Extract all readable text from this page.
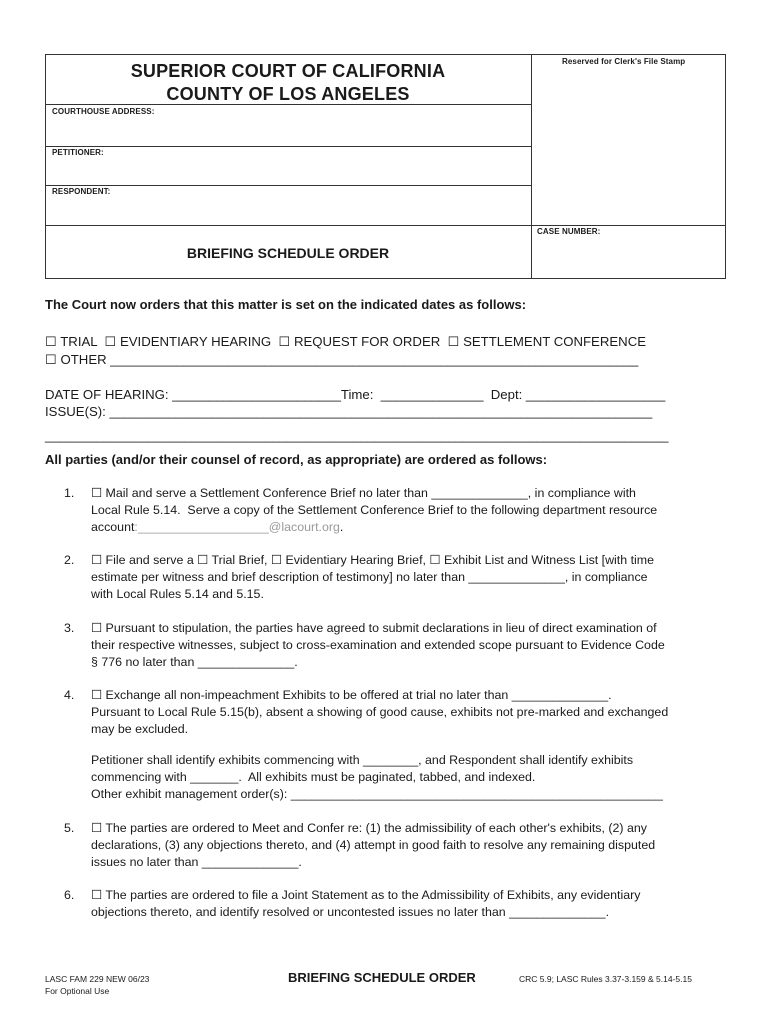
SUPERIOR COURT OF CALIFORNIA
COUNTY OF LOS ANGELES
Reserved for Clerk's File Stamp
COURTHOUSE ADDRESS:
PETITIONER:
RESPONDENT:
CASE NUMBER:
BRIEFING SCHEDULE ORDER
The Court now orders that this matter is set on the indicated dates as follows:
☐ TRIAL  ☐ EVIDENTIARY HEARING  ☐ REQUEST FOR ORDER  ☐ SETTLEMENT CONFERENCE
☐ OTHER ________________________________________________________________________
DATE OF HEARING: _______________________Time:  ______________  Dept: ___________________
ISSUE(S): __________________________________________________________________________
_____________________________________________________________________________________
All parties (and/or their counsel of record, as appropriate) are ordered as follows:
1.	☐ Mail and serve a Settlement Conference Brief no later than ______________, in compliance with
Local Rule 5.14.  Serve a copy of the Settlement Conference Brief to the following department resource
account:___________________@lacourt.org.
2.	☐ File and serve a ☐ Trial Brief, ☐ Evidentiary Hearing Brief, ☐ Exhibit List and Witness List [with time
estimate per witness and brief description of testimony] no later than ______________, in compliance
with Local Rules 5.14 and 5.15.
3.	☐ Pursuant to stipulation, the parties have agreed to submit declarations in lieu of direct examination of
their respective witnesses, subject to cross-examination and extended scope pursuant to Evidence Code
§ 776 no later than ______________.
4.	☐ Exchange all non-impeachment Exhibits to be offered at trial no later than ______________.
Pursuant to Local Rule 5.15(b), absent a showing of good cause, exhibits not pre-marked and exchanged
may be excluded.
Petitioner shall identify exhibits commencing with ________, and Respondent shall identify exhibits
commencing with _______.  All exhibits must be paginated, tabbed, and indexed.
Other exhibit management order(s): ______________________________________________________
5.	☐ The parties are ordered to Meet and Confer re: (1) the admissibility of each other's exhibits, (2) any
declarations, (3) any objections thereto, and (4) attempt in good faith to resolve any remaining disputed
issues no later than ______________.
6.	☐ The parties are ordered to file a Joint Statement as to the Admissibility of Exhibits, any evidentiary
objections thereto, and identify resolved or uncontested issues no later than ______________.
LASC FAM 229 NEW 06/23
For Optional Use
BRIEFING SCHEDULE ORDER	CRC 5.9; LASC Rules 3.37-3.159 & 5.14-5.15
